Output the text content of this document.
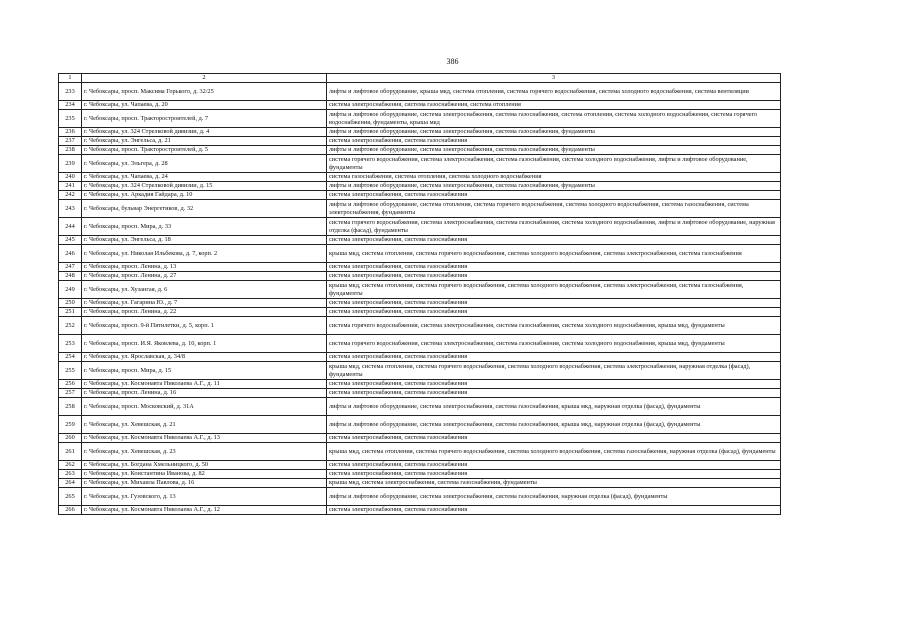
386
1	2	3
233	г. Чебоксары, просп. Максима Горького, д. 32/25	лифты и лифтовое оборудование, крыша мкд, система отопления, система горячего водоснабжения, система холодного водоснабжения, система вентиляции
234	г. Чебоксары, ул. Чапаева, д. 20	система электроснабжения, система газоснабжения, система отопления
235	г. Чебоксары, просп. Тракторостроителей, д. 7	лифты и лифтовое оборудование, система электроснабжения, система газоснабжения, система отопления, система холодного водоснабжения, система горячего водоснабжения, фундаменты, крыша мкд
236	г. Чебоксары, ул. 324 Стрелковой дивизии, д. 4	лифты и лифтовое оборудование, система электроснабжения, система газоснабжения, фундаменты
237	г. Чебоксары, ул. Энгельса, д. 21	система электроснабжения, система газоснабжения
238	г. Чебоксары, просп. Тракторостроителей, д. 5	лифты и лифтовое оборудование, система электроснабжения, система газоснабжения, фундаменты
239	г. Чебоксары, ул. Эльгера, д. 28	система горячего водоснабжения, система электроснабжения, система газоснабжения, система холодного водоснабжения, лифты и лифтовое оборудование, фундаменты
240	г. Чебоксары, ул. Чапаева, д. 24	система газоснабжения, система отопления, система холодного водоснабжения
241	г. Чебоксары, ул. 324 Стрелковой дивизии, д. 15	лифты и лифтовое оборудование, система электроснабжения, система газоснабжения, фундаменты
242	г. Чебоксары, ул. Аркадия Гайдара, д. 10	система электроснабжения, система газоснабжения
243	г. Чебоксары, бульвар Энергетиков, д. 32	лифты и лифтовое оборудование, система отопления, система горячего водоснабжения, система холодного водоснабжения, система газоснабжения, система электроснабжения, фундаменты
244	г. Чебоксары, просп. Мира, д. 33	система горячего водоснабжения, система электроснабжения, система газоснабжения, система холодного водоснабжения, лифты и лифтовое оборудование, наружная отделка (фасад), фундаменты
245	г. Чебоксары, ул. Энгельса, д. 18	система электроснабжения, система газоснабжения
246	г. Чебоксары, ул. Николая Ильбекова, д. 7, корп. 2	крыша мкд, система отопления, система горячего водоснабжения, система холодного водоснабжения, система электроснабжения, система газоснабжения
247	г. Чебоксары, просп. Ленина, д. 13	система электроснабжения, система газоснабжения
248	г. Чебоксары, просп. Ленина, д. 27	система электроснабжения, система газоснабжения
249	г. Чебоксары, ул. Хузангая, д. 6	крыша мкд, система отопления, система горячего водоснабжения, система холодного водоснабжения, система электроснабжения, система газоснабжения, фундаменты
250	г. Чебоксары, ул. Гагарина Ю., д. 7	система электроснабжения, система газоснабжения
251	г. Чебоксары, просп. Ленина, д. 22	система электроснабжения, система газоснабжения
252	г. Чебоксары, просп. 9-й Пятилетки, д. 5, корп. 1	система горячего водоснабжения, система электроснабжения, система газоснабжения, система холодного водоснабжения, крыша мкд, фундаменты
253	г. Чебоксары, просп. И.Я. Яковлева, д. 10, корп. 1	система горячего водоснабжения, система электроснабжения, система газоснабжения, система холодного водоснабжения, крыша мкд, фундаменты
254	г. Чебоксары, ул. Ярославская, д. 34/8	система электроснабжения, система газоснабжения
255	г. Чебоксары, просп. Мира, д. 15	крыша мкд, система отопления, система горячего водоснабжения, система холодного водоснабжения, система электроснабжения, наружная отделка (фасад), фундаменты
256	г. Чебоксары, ул. Космонавта Николаева А.Г., д. 11	система электроснабжения, система газоснабжения
257	г. Чебоксары, просп. Ленина, д. 16	система электроснабжения, система газоснабжения
258	г. Чебоксары, просп. Московский, д. 31А	лифты и лифтовое оборудование, система электроснабжения, система газоснабжения, крыша мкд, наружная отделка (фасад), фундаменты
259	г. Чебоксары, ул. Хевешская, д. 21	лифты и лифтовое оборудование, система электроснабжения, система газоснабжения, крыша мкд, наружная отделка (фасад), фундаменты
260	г. Чебоксары, ул. Космонавта Николаева А.Г., д. 13	система электроснабжения, система газоснабжения
261	г. Чебоксары, ул. Хевешская, д. 23	крыша мкд, система отопления, система горячего водоснабжения, система холодного водоснабжения, система газоснабжения, наружная отделка (фасад), фундаменты
262	г. Чебоксары, ул. Богдана Хмельницкого, д. 50	система электроснабжения, система газоснабжения
263	г. Чебоксары, ул. Константина Иванова, д. 82	система электроснабжения, система газоснабжения
264	г. Чебоксары, ул. Михаила Павлова, д. 16	крыша мкд, система электроснабжения, система газоснабжения, фундаменты
265	г. Чебоксары, ул. Гузовского, д. 13	лифты и лифтовое оборудование, система электроснабжения, система газоснабжения, наружная отделка (фасад), фундаменты
266	г. Чебоксары, ул. Космонавта Николаева А.Г., д. 12	система электроснабжения, система газоснабжения
